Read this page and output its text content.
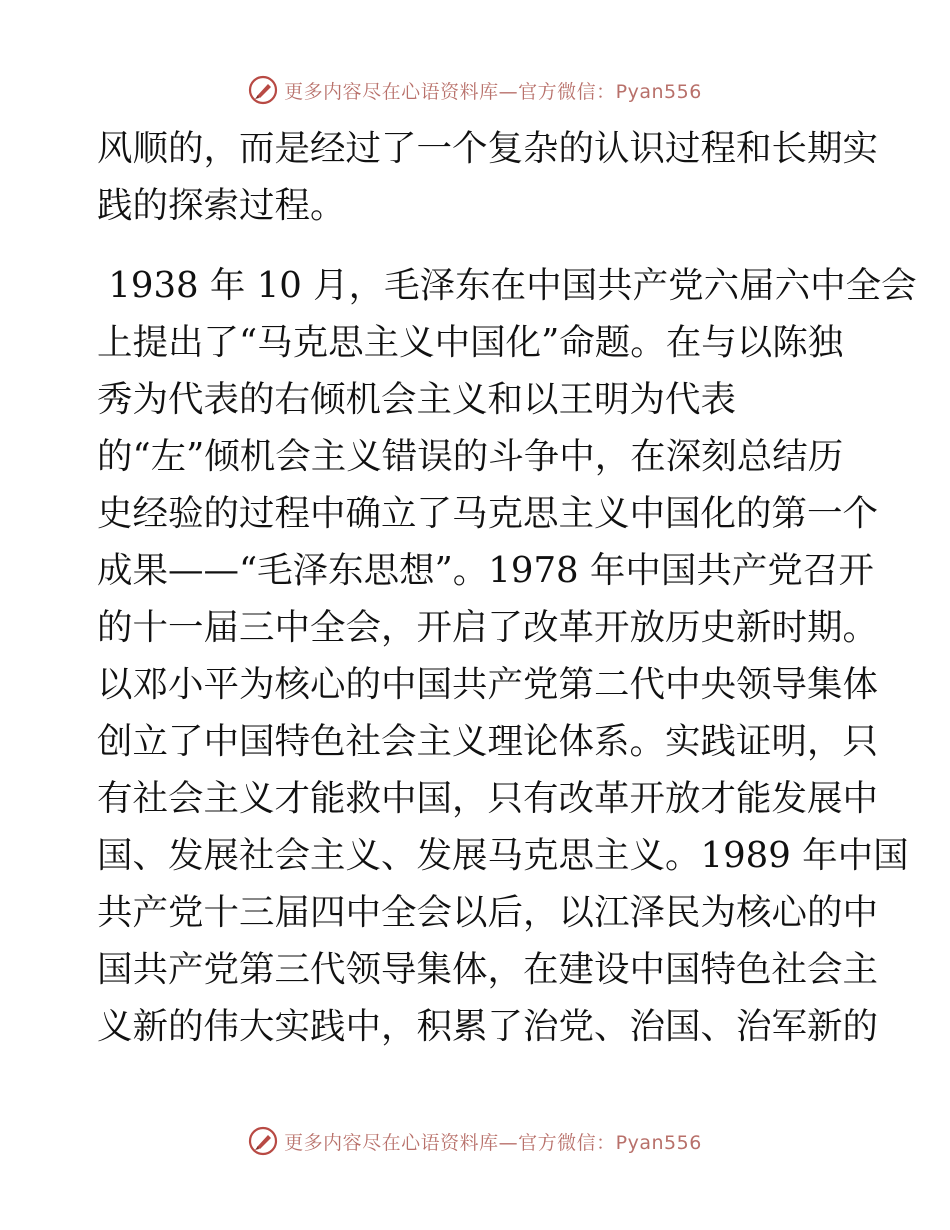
更多内容尽在心语资料库—官方微信：Pyan556
风顺的，而是经过了一个复杂的认识过程和长期实
践的探索过程。
1938 年 10 月，毛泽东在中国共产党六届六中全会
上提出了“马克思主义中国化”命题。在与以陈独
秀为代表的右倾机会主义和以王明为代表
的“左”倾机会主义错误的斗争中，在深刻总结历
史经验的过程中确立了马克思主义中国化的第一个
成果——“毛泽东思想”。1978 年中国共产党召开
的十一届三中全会，开启了改革开放历史新时期。
以邓小平为核心的中国共产党第二代中央领导集体
创立了中国特色社会主义理论体系。实践证明，只
有社会主义才能救中国，只有改革开放才能发展中
国、发展社会主义、发展马克思主义。1989 年中国
共产党十三届四中全会以后，以江泽民为核心的中
国共产党第三代领导集体，在建设中国特色社会主
义新的伟大实践中，积累了治党、治国、治军新的
更多内容尽在心语资料库—官方微信：Pyan556
